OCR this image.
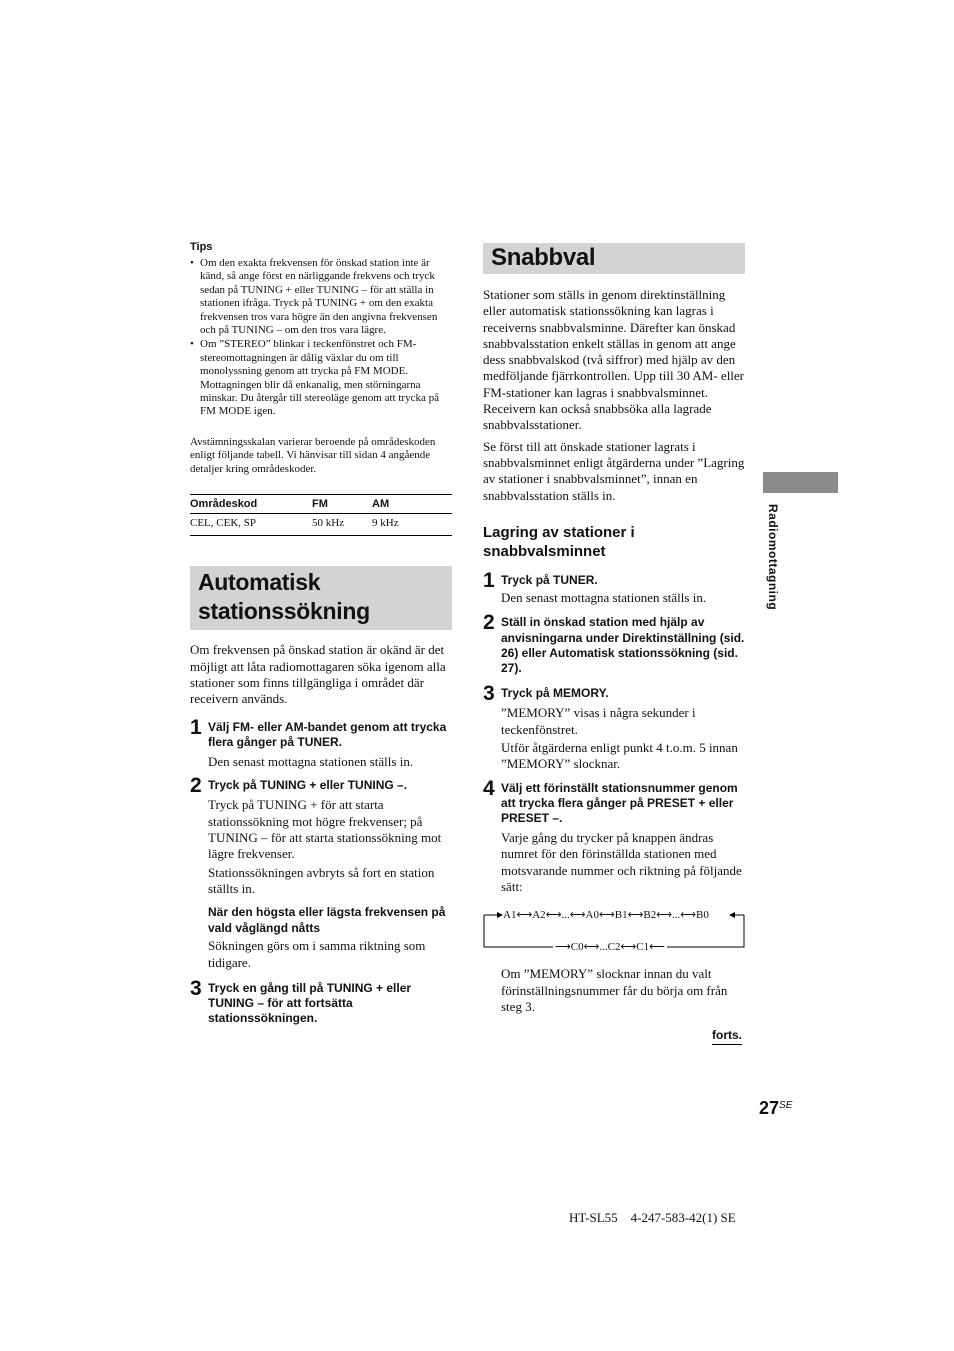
Tips
• Om den exakta frekvensen för önskad station inte är känd, så ange först en närliggande frekvens och tryck sedan på TUNING + eller TUNING – för att ställa in stationen ifråga. Tryck på TUNING + om den exakta frekvensen tros vara högre än den angivna frekvensen och på TUNING – om den tros vara lägre.
• Om ”STEREO” blinkar i teckenfönstret och FM-stereomottagningen är dålig växlar du om till monolyssning genom att trycka på FM MODE. Mottagningen blir då enkanalig, men störningarna minskar. Du återgår till stereoläge genom att trycka på FM MODE igen.

Avstämningsskalan varierar beroende på områdeskoden enligt följande tabell. Vi hänvisar till sidan 4 angående detaljer kring områdeskoder.

Områdeskod	FM	AM
CEL, CEK, SP	50 kHz	9 kHz
Automatisk
stationssökning

Om frekvensen på önskad station är okänd är det möjligt att låta radiomottagaren söka igenom alla stationer som finns tillgängliga i området där receivern används.

1 Välj FM- eller AM-bandet genom att trycka flera gånger på TUNER.

Den senast mottagna stationen ställs in.

2 Tryck på TUNING + eller TUNING –.

Tryck på TUNING + för att starta stationssökning mot högre frekvenser; på TUNING – för att starta stationssökning mot lägre frekvenser.

Stationssökningen avbryts så fort en station ställts in.

När den högsta eller lägsta frekvensen på vald våglängd nåtts

Sökningen görs om i samma riktning som tidigare.

3 Tryck en gång till på TUNING + eller TUNING – för att fortsätta stationssökningen.
Snabbval

Stationer som ställs in genom direktinställning eller automatisk stationssökning kan lagras i receiverns snabbvalsminne. Därefter kan önskad snabbvalsstation enkelt ställas in genom att ange dess snabbvalskod (två siffror) med hjälp av den medföljande fjärrkontrollen. Upp till 30 AM- eller FM-stationer kan lagras i snabbvalsminnet. Receivern kan också snabbsöka alla lagrade snabbvalsstationer.

Se först till att önskade stationer lagrats i snabbvalsminnet enligt åtgärderna under ”Lagring av stationer i snabbvalsminnet”, innan en snabbvalsstation ställs in.

Lagring av stationer i
snabbvalsminnet
1 Tryck på TUNER.

Den senast mottagna stationen ställs in.

2 Ställ in önskad station med hjälp av anvisningarna under Direktinställning (sid. 26) eller Automatisk stationssökning (sid. 27).
3 Tryck på MEMORY.

”MEMORY” visas i några sekunder i teckenfönstret.

Utför åtgärderna enligt punkt 4 t.o.m. 5 innan ”MEMORY” slocknar.

4 Välj ett förinställt stationsnummer genom att trycka flera gånger på PRESET + eller PRESET –.

Varje gång du trycker på knappen ändras numret för den förinställda stationen med motsvarande nummer och riktning på följande sätt:

A1⟷A2⟷...⟷A0⟷B1⟷B2⟷...⟷B0
⟶C0⟷...C2⟷C1⟵

Om ”MEMORY” slocknar innan du valt förinställningsnummer får du börja om från steg 3.

forts.
Radiomottagning
$27^{SE}$
HT-SL55    4-247-583-42(1) SE
